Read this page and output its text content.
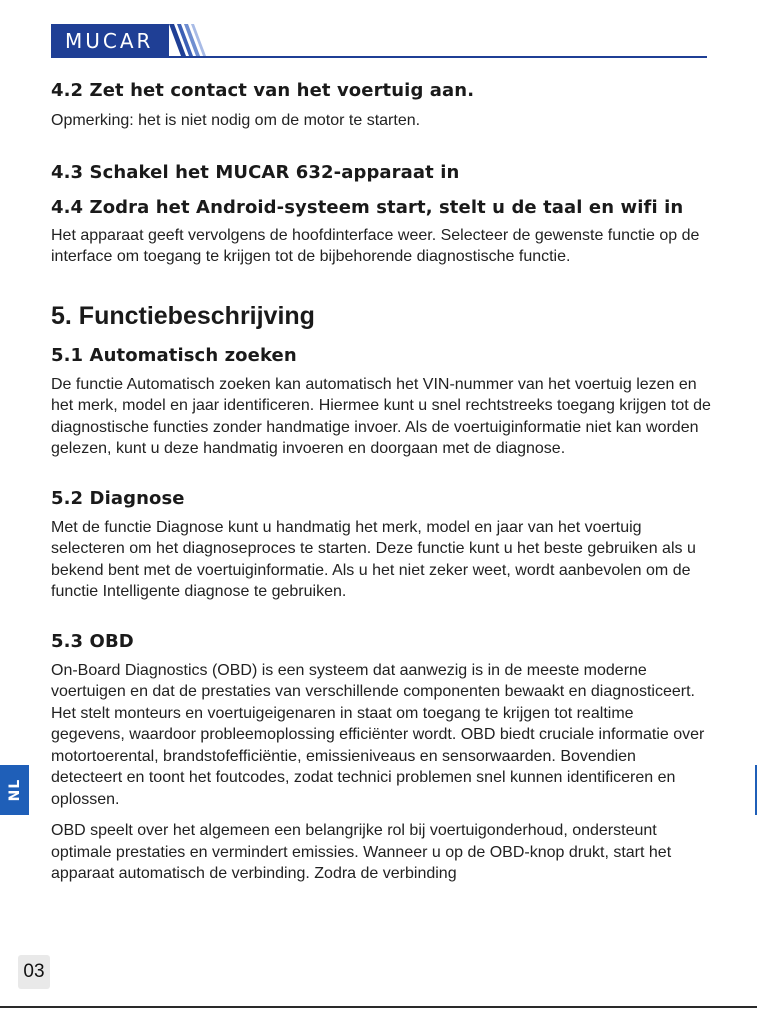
MUCAR
4.2 Zet het contact van het voertuig aan.

Opmerking: het is niet nodig om de motor te starten.

4.3 Schakel het MUCAR 632-apparaat in
4.4 Zodra het Android-systeem start, stelt u de taal en wifi in

Het apparaat geeft vervolgens de hoofdinterface weer. Selecteer de gewenste functie op de interface om toegang te krijgen tot de bijbehorende diagnostische functie.

5. Functiebeschrijving
5.1 Automatisch zoeken

De functie Automatisch zoeken kan automatisch het VIN-nummer van het voertuig lezen en het merk, model en jaar identificeren. Hiermee kunt u snel rechtstreeks toegang krijgen tot de diagnostische functies zonder handmatige invoer. Als de voertuiginformatie niet kan worden gelezen, kunt u deze handmatig invoeren en doorgaan met de diagnose.

5.2 Diagnose

Met de functie Diagnose kunt u handmatig het merk, model en jaar van het voertuig selecteren om het diagnoseproces te starten. Deze functie kunt u het beste gebruiken als u bekend bent met de voertuiginformatie. Als u het niet zeker weet, wordt aanbevolen om de functie Intelligente diagnose te gebruiken.

5.3 OBD

On-Board Diagnostics (OBD) is een systeem dat aanwezig is in de meeste moderne voertuigen en dat de prestaties van verschillende componenten bewaakt en diagnosticeert. Het stelt monteurs en voertuigeigenaren in staat om toegang te krijgen tot realtime gegevens, waardoor probleemoplossing efficiënter wordt. OBD biedt cruciale informatie over motortoerental, brandstofefficiëntie, emissieniveaus en sensorwaarden. Bovendien detecteert en toont het foutcodes, zodat technici problemen snel kunnen identificeren en oplossen.

OBD speelt over het algemeen een belangrijke rol bij voertuigonderhoud, ondersteunt optimale prestaties en vermindert emissies. Wanneer u op de OBD-knop drukt, start het apparaat automatisch de verbinding. Zodra de verbinding

NL
03
